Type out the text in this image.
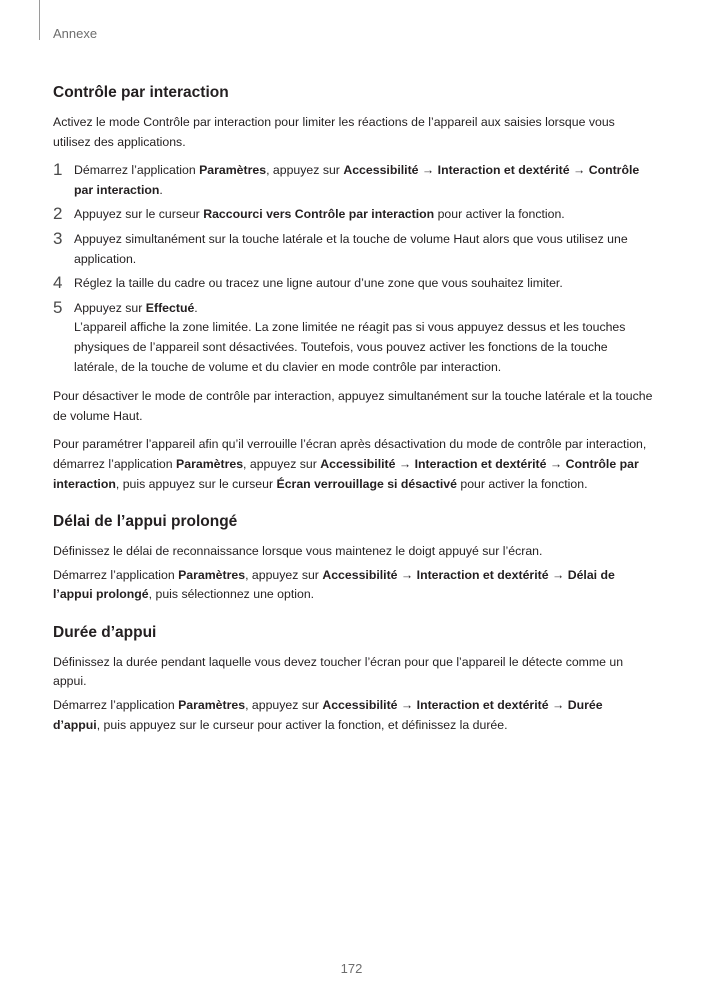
Annexe
Contrôle par interaction

Activez le mode Contrôle par interaction pour limiter les réactions de l’appareil aux saisies lorsque vous utilisez des applications.

1 Démarrez l’application Paramètres, appuyez sur Accessibilité → Interaction et dextérité → Contrôle par interaction.
2 Appuyez sur le curseur Raccourci vers Contrôle par interaction pour activer la fonction.
3 Appuyez simultanément sur la touche latérale et la touche de volume Haut alors que vous utilisez une application.
4 Réglez la taille du cadre ou tracez une ligne autour d’une zone que vous souhaitez limiter.
5 Appuyez sur Effectué.
L’appareil affiche la zone limitée. La zone limitée ne réagit pas si vous appuyez dessus et les touches physiques de l’appareil sont désactivées. Toutefois, vous pouvez activer les fonctions de la touche latérale, de la touche de volume et du clavier en mode contrôle par interaction.

Pour désactiver le mode de contrôle par interaction, appuyez simultanément sur la touche latérale et la touche de volume Haut.

Pour paramétrer l’appareil afin qu’il verrouille l’écran après désactivation du mode de contrôle par interaction, démarrez l’application Paramètres, appuyez sur Accessibilité → Interaction et dextérité → Contrôle par interaction, puis appuyez sur le curseur Écran verrouillage si désactivé pour activer la fonction.

Délai de l’appui prolongé

Définissez le délai de reconnaissance lorsque vous maintenez le doigt appuyé sur l’écran.

Démarrez l’application Paramètres, appuyez sur Accessibilité → Interaction et dextérité → Délai de l’appui prolongé, puis sélectionnez une option.

Durée d’appui

Définissez la durée pendant laquelle vous devez toucher l’écran pour que l’appareil le détecte comme un appui.

Démarrez l’application Paramètres, appuyez sur Accessibilité → Interaction et dextérité → Durée d’appui, puis appuyez sur le curseur pour activer la fonction, et définissez la durée.

172
